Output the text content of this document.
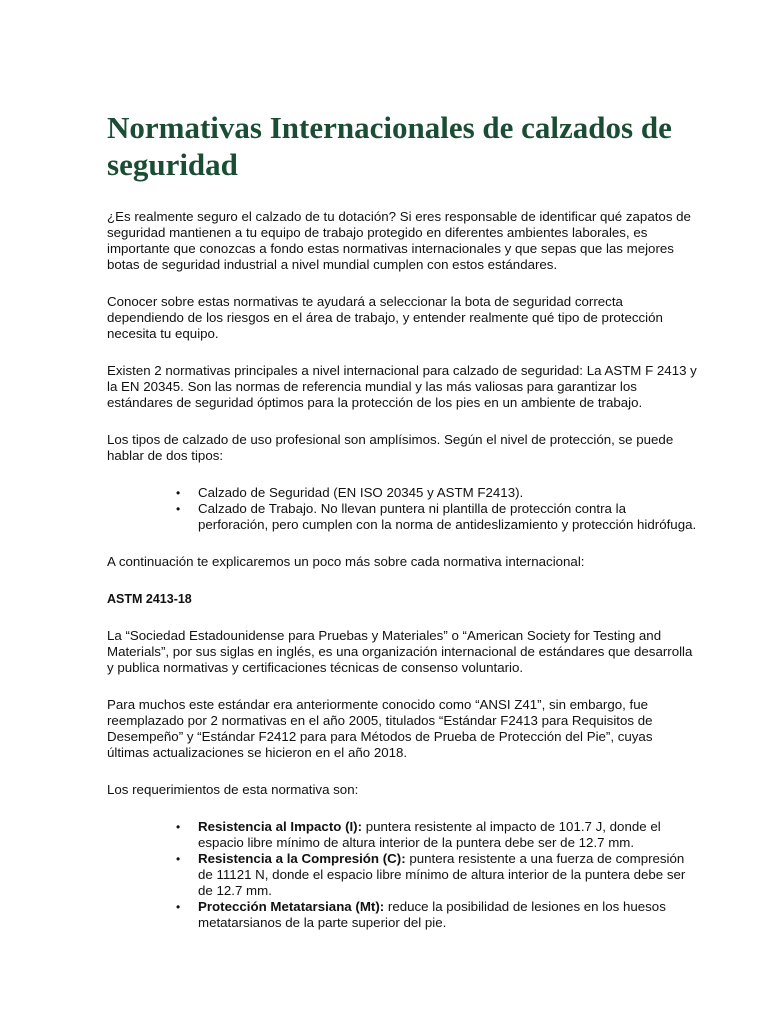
Normativas Internacionales de calzados de seguridad

¿Es realmente seguro el calzado de tu dotación? Si eres responsable de identificar qué zapatos de seguridad mantienen a tu equipo de trabajo protegido en diferentes ambientes laborales, es importante que conozcas a fondo estas normativas internacionales y que sepas que las mejores botas de seguridad industrial a nivel mundial cumplen con estos estándares.

Conocer sobre estas normativas te ayudará a seleccionar la bota de seguridad correcta dependiendo de los riesgos en el área de trabajo, y entender realmente qué tipo de protección necesita tu equipo.

Existen 2 normativas principales a nivel internacional para calzado de seguridad: La ASTM F 2413 y la EN 20345. Son las normas de referencia mundial y las más valiosas para garantizar los estándares de seguridad óptimos para la protección de los pies en un ambiente de trabajo.

Los tipos de calzado de uso profesional son amplísimos. Según el nivel de protección, se puede hablar de dos tipos:

• Calzado de Seguridad (EN ISO 20345 y ASTM F2413).
• Calzado de Trabajo. No llevan puntera ni plantilla de protección contra la perforación, pero cumplen con la norma de antideslizamiento y protección hidrófuga.

A continuación te explicaremos un poco más sobre cada normativa internacional:

ASTM 2413-18

La “Sociedad Estadounidense para Pruebas y Materiales” o “American Society for Testing and Materials”, por sus siglas en inglés, es una organización internacional de estándares que desarrolla y publica normativas y certificaciones técnicas de consenso voluntario.

Para muchos este estándar era anteriormente conocido como “ANSI Z41”, sin embargo, fue reemplazado por 2 normativas en el año 2005, titulados “Estándar F2413 para Requisitos de Desempeño” y “Estándar F2412 para para Métodos de Prueba de Protección del Pie”, cuyas últimas actualizaciones se hicieron en el año 2018.

Los requerimientos de esta normativa son:

• Resistencia al Impacto (I): puntera resistente al impacto de 101.7 J, donde el espacio libre mínimo de altura interior de la puntera debe ser de 12.7 mm.
• Resistencia a la Compresión (C): puntera resistente a una fuerza de compresión de 11121 N, donde el espacio libre mínimo de altura interior de la puntera debe ser de 12.7 mm.
• Protección Metatarsiana (Mt): reduce la posibilidad de lesiones en los huesos metatarsianos de la parte superior del pie.
